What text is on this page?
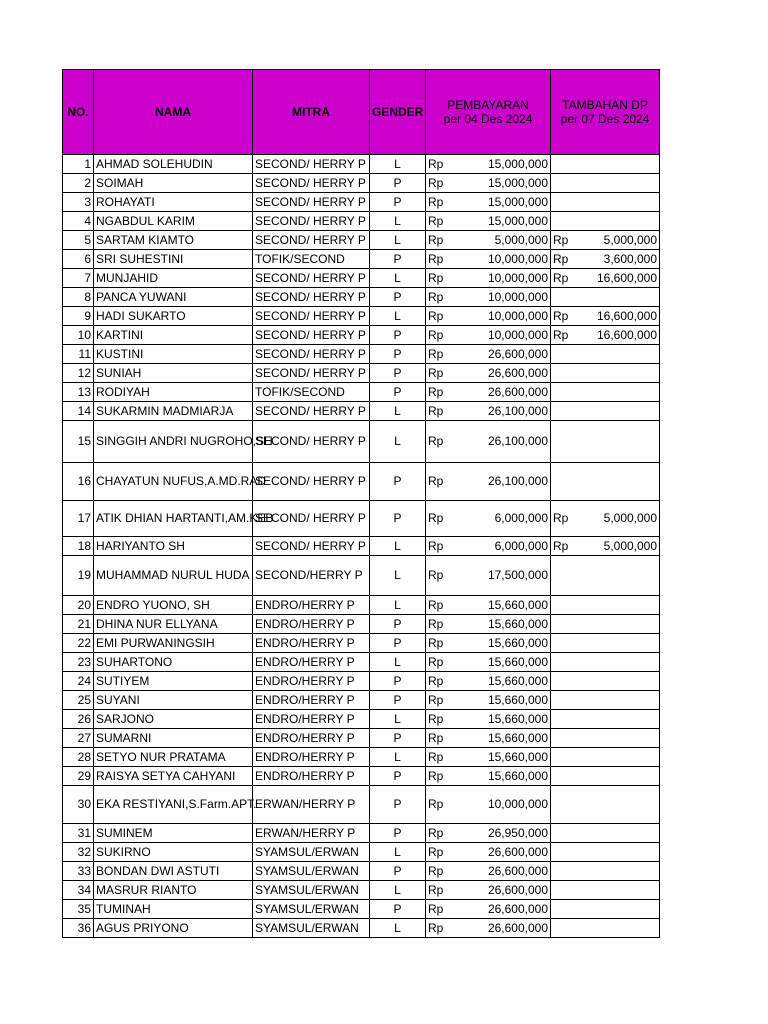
NO.	NAMA	MITRA	GENDER	PEMBAYARAN
per 04 Des 2024		TAMBAHAN DP
per 07 Des 2024	
1	AHMAD SOLEHUDIN	SECOND/ HERRY P	L	Rp	15,000,000		
2	SOIMAH	SECOND/ HERRY P	P	Rp	15,000,000		
3	ROHAYATI	SECOND/ HERRY P	P	Rp	15,000,000		
4	NGABDUL KARIM	SECOND/ HERRY P	L	Rp	15,000,000		
5	SARTAM KIAMTO	SECOND/ HERRY P	L	Rp	5,000,000	Rp	5,000,000
6	SRI SUHESTINI	TOFIK/SECOND	P	Rp	10,000,000	Rp	3,600,000
7	MUNJAHID	SECOND/ HERRY P	L	Rp	10,000,000	Rp	16,600,000
8	PANCA YUWANI	SECOND/ HERRY P	P	Rp	10,000,000		
9	HADI SUKARTO	SECOND/ HERRY P	L	Rp	10,000,000	Rp	16,600,000
10	KARTINI	SECOND/ HERRY P	P	Rp	10,000,000	Rp	16,600,000
11	KUSTINI	SECOND/ HERRY P	P	Rp	26,600,000		
12	SUNIAH	SECOND/ HERRY P	P	Rp	26,600,000		
13	RODIYAH	TOFIK/SECOND	P	Rp	26,600,000		
14	SUKARMIN MADMIARJA	SECOND/ HERRY P	L	Rp	26,100,000		
15	SINGGIH ANDRI NUGROHO,SH	SECOND/ HERRY P	L	Rp	26,100,000		
16	CHAYATUN NUFUS,A.MD.RAD	SECOND/ HERRY P	P	Rp	26,100,000		
17	ATIK DHIAN HARTANTI,AM.KEB	SECOND/ HERRY P	P	Rp	6,000,000	Rp	5,000,000
18	HARIYANTO SH	SECOND/ HERRY P	L	Rp	6,000,000	Rp	5,000,000
19	MUHAMMAD NURUL HUDA	SECOND/HERRY P	L	Rp	17,500,000		
20	ENDRO YUONO, SH	ENDRO/HERRY P	L	Rp	15,660,000		
21	DHINA NUR ELLYANA	ENDRO/HERRY P	P	Rp	15,660,000		
22	EMI PURWANINGSIH	ENDRO/HERRY P	P	Rp	15,660,000		
23	SUHARTONO	ENDRO/HERRY P	L	Rp	15,660,000		
24	SUTIYEM	ENDRO/HERRY P	P	Rp	15,660,000		
25	SUYANI	ENDRO/HERRY P	P	Rp	15,660,000		
26	SARJONO	ENDRO/HERRY P	L	Rp	15,660,000		
27	SUMARNI	ENDRO/HERRY P	P	Rp	15,660,000		
28	SETYO NUR PRATAMA	ENDRO/HERRY P	L	Rp	15,660,000		
29	RAISYA SETYA CAHYANI	ENDRO/HERRY P	P	Rp	15,660,000		
30	EKA RESTIYANI,S.Farm.APT.	ERWAN/HERRY P	P	Rp	10,000,000		
31	SUMINEM	ERWAN/HERRY P	P	Rp	26,950,000		
32	SUKIRNO	SYAMSUL/ERWAN	L	Rp	26,600,000		
33	BONDAN DWI ASTUTI	SYAMSUL/ERWAN	P	Rp	26,600,000		
34	MASRUR RIANTO	SYAMSUL/ERWAN	L	Rp	26,600,000		
35	TUMINAH	SYAMSUL/ERWAN	P	Rp	26,600,000		
36	AGUS PRIYONO	SYAMSUL/ERWAN	L	Rp	26,600,000		
